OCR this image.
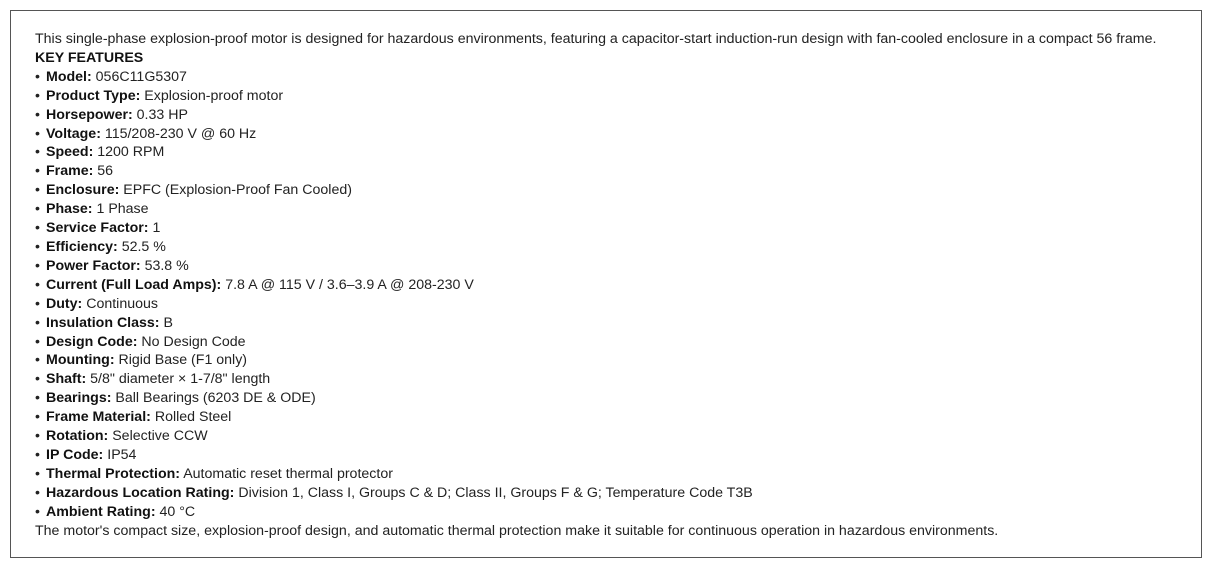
This single-phase explosion-proof motor is designed for hazardous environments, featuring a capacitor-start induction-run design with fan-cooled enclosure in a compact 56 frame.
KEY FEATURES
• Model: 056C11G5307
• Product Type: Explosion-proof motor
• Horsepower: 0.33 HP
• Voltage: 115/208-230 V @ 60 Hz
• Speed: 1200 RPM
• Frame: 56
• Enclosure: EPFC (Explosion-Proof Fan Cooled)
• Phase: 1 Phase
• Service Factor: 1
• Efficiency: 52.5 %
• Power Factor: 53.8 %
• Current (Full Load Amps): 7.8 A @ 115 V / 3.6–3.9 A @ 208-230 V
• Duty: Continuous
• Insulation Class: B
• Design Code: No Design Code
• Mounting: Rigid Base (F1 only)
• Shaft: 5/8" diameter × 1-7/8" length
• Bearings: Ball Bearings (6203 DE & ODE)
• Frame Material: Rolled Steel
• Rotation: Selective CCW
• IP Code: IP54
• Thermal Protection: Automatic reset thermal protector
• Hazardous Location Rating: Division 1, Class I, Groups C & D; Class II, Groups F & G; Temperature Code T3B
• Ambient Rating: 40 °C
The motor's compact size, explosion-proof design, and automatic thermal protection make it suitable for continuous operation in hazardous environments.
